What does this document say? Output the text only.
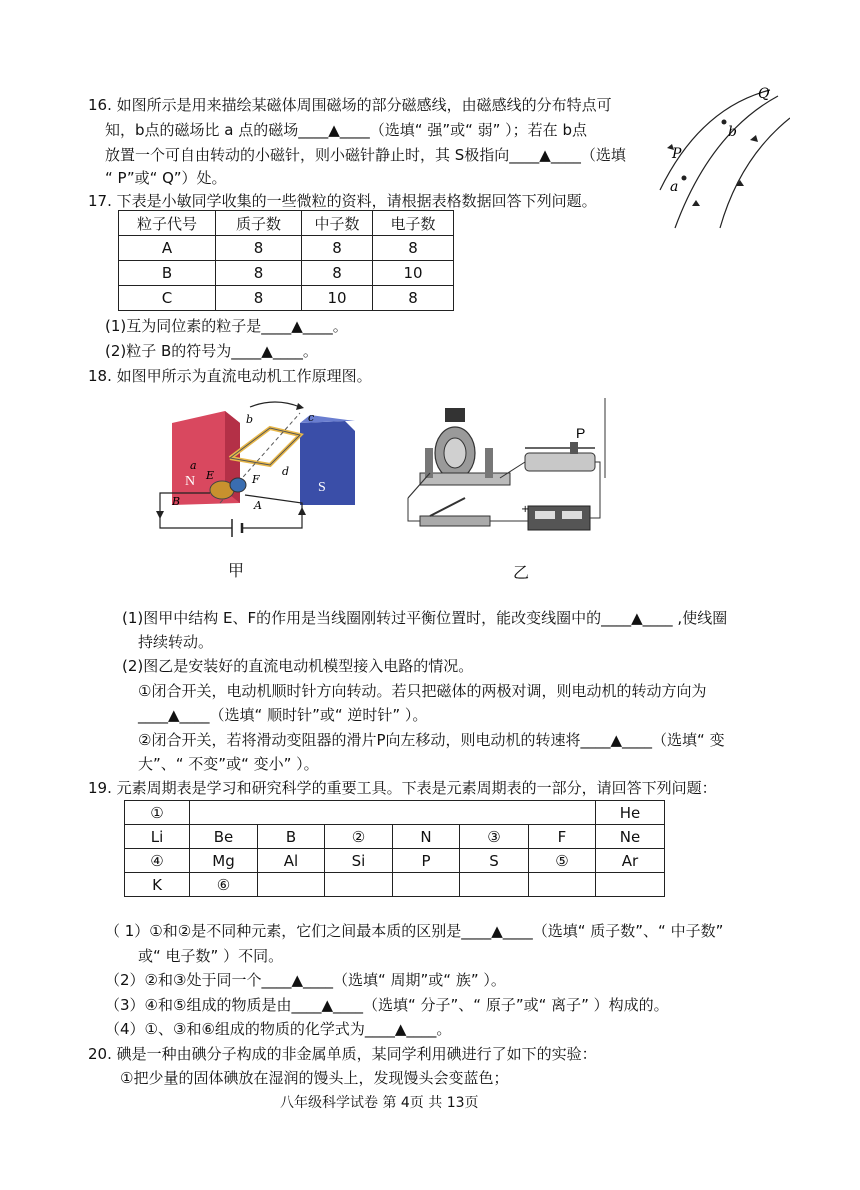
16. 如图所示是用来描绘某磁体周围磁场的部分磁感线，由磁感线的分布特点可
知，b点的磁场比 a 点的磁场____▲____（选填“ 强”或“ 弱” ）；若在 b点
放置一个可自由转动的小磁针，则小磁针静止时，其 S极指向____▲____（选填
“ P”或“ Q”）处。
Q
b
P
a
17. 下表是小敏同学收集的一些微粒的资料，请根据表格数据回答下列问题。
粒子代号	质子数	中子数	电子数
A	8	8	8
B	8	8	10
C	8	10	8
(1)互为同位素的粒子是____▲____。
(2)粒子 B的符号为____▲____。
18. 如图甲所示为直流电动机工作原理图。
N	S
a
b	c
d
E	F
B	A
P
+
甲	乙
(1)图甲中结构 E、F的作用是当线圈刚转过平衡位置时，能改变线圈中的____▲____ ,使线圈
持续转动。
(2)图乙是安装好的直流电动机模型接入电路的情况。
①闭合开关，电动机顺时针方向转动。若只把磁体的两极对调，则电动机的转动方向为
____▲____（选填“ 顺时针”或“ 逆时针” ）。
②闭合开关，若将滑动变阻器的滑片P向左移动，则电动机的转速将____▲____（选填“ 变
大”、“ 不变”或“ 变小” ）。
19. 元素周期表是学习和研究科学的重要工具。下表是元素周期表的一部分，请回答下列问题：
①							He
Li	Be	B	②	N	③	F	Ne
④	Mg	Al	Si	P	S	⑤	Ar
K	⑥						
（ 1）①和②是不同种元素，它们之间最本质的区别是____▲____（选填“ 质子数”、“ 中子数”
或“ 电子数” ）不同。
（2）②和③处于同一个____▲____（选填“ 周期”或“ 族” ）。
（3）④和⑤组成的物质是由____▲____（选填“ 分子”、“ 原子”或“ 离子” ）构成的。
（4）①、③和⑥组成的物质的化学式为____▲____。
20. 碘是一种由碘分子构成的非金属单质，某同学利用碘进行了如下的实验：
①把少量的固体碘放在湿润的馒头上，发现馒头会变蓝色；
八年级科学试卷 第 4页 共 13页
